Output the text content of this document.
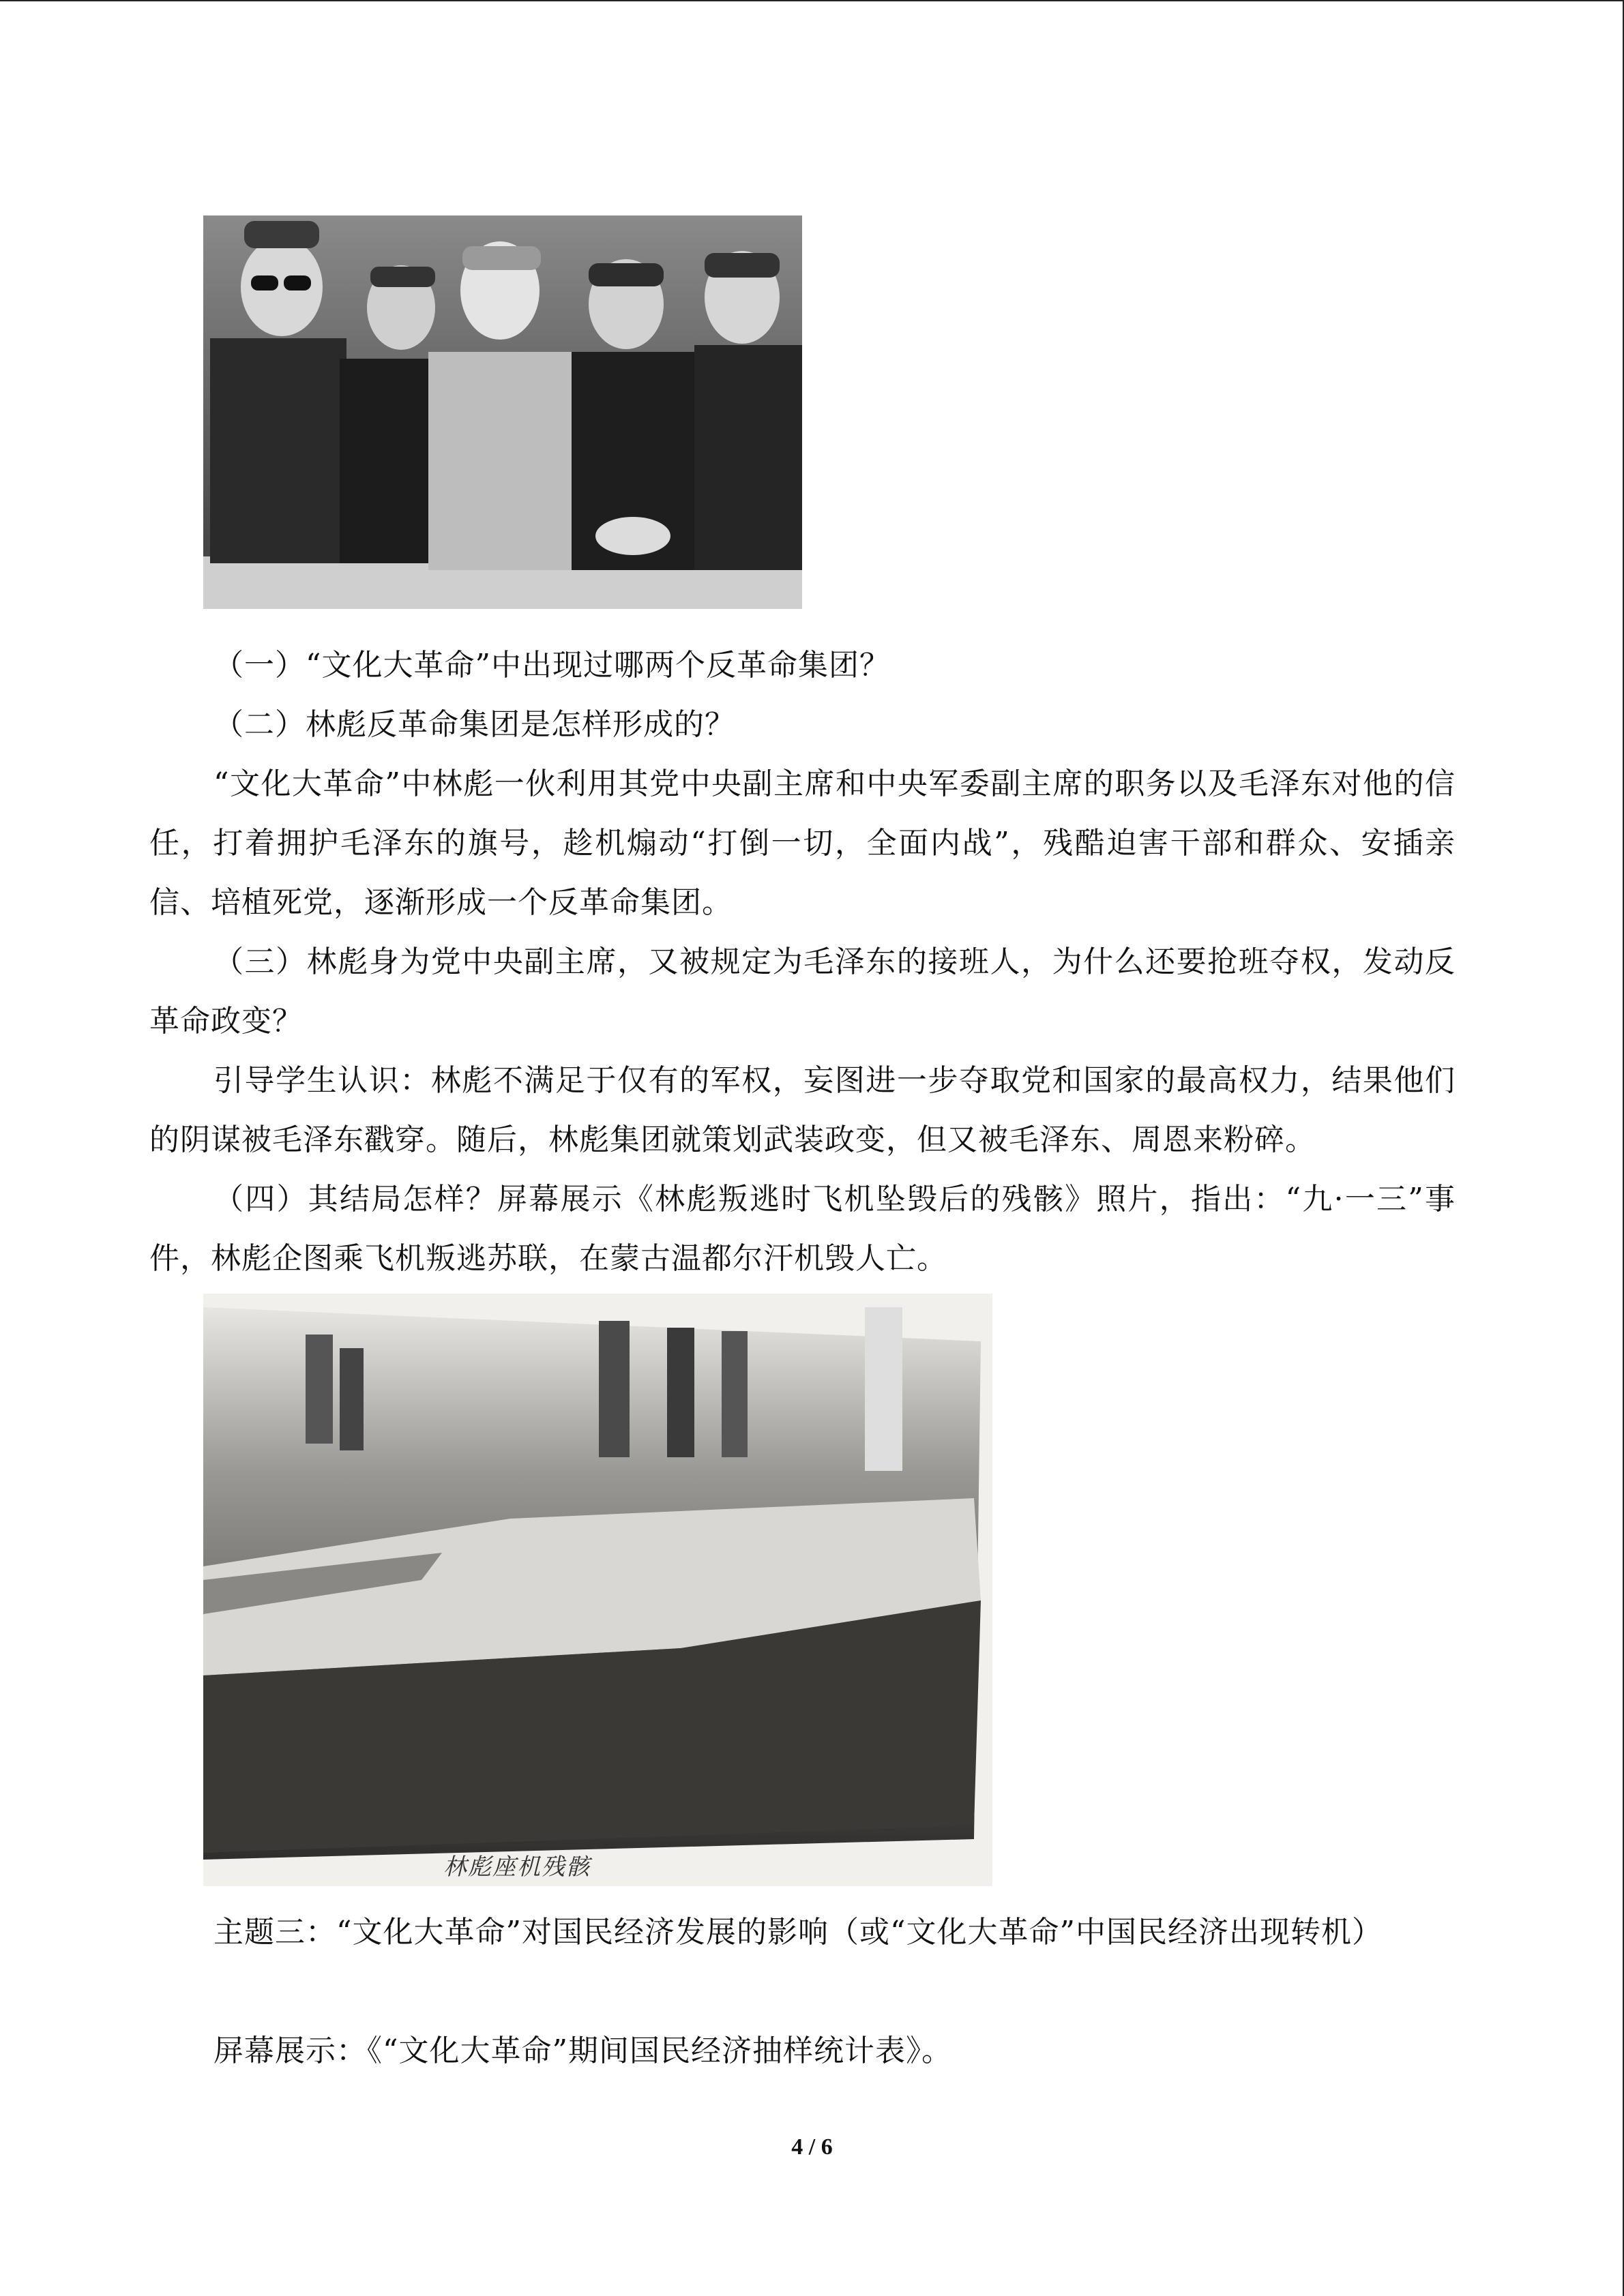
（一）“文化大革命”中出现过哪两个反革命集团？

（二）林彪反革命集团是怎样形成的？

“文化大革命”中林彪一伙利用其党中央副主席和中央军委副主席的职务以及毛泽东对他的信任，打着拥护毛泽东的旗号，趁机煽动“打倒一切，全面内战”，残酷迫害干部和群众、安插亲信、培植死党，逐渐形成一个反革命集团。

（三）林彪身为党中央副主席，又被规定为毛泽东的接班人，为什么还要抢班夺权，发动反革命政变？

引导学生认识：林彪不满足于仅有的军权，妄图进一步夺取党和国家的最高权力，结果他们的阴谋被毛泽东戳穿。随后，林彪集团就策划武装政变，但又被毛泽东、周恩来粉碎。

（四）其结局怎样？屏幕展示《林彪叛逃时飞机坠毁后的残骸》照片，指出：“九·一三”事件，林彪企图乘飞机叛逃苏联，在蒙古温都尔汗机毁人亡。

林彪座机残骸

主题三：“文化大革命”对国民经济发展的影响（或“文化大革命”中国民经济出现转机）

屏幕展示：《“文化大革命”期间国民经济抽样统计表》。

4 / 6
